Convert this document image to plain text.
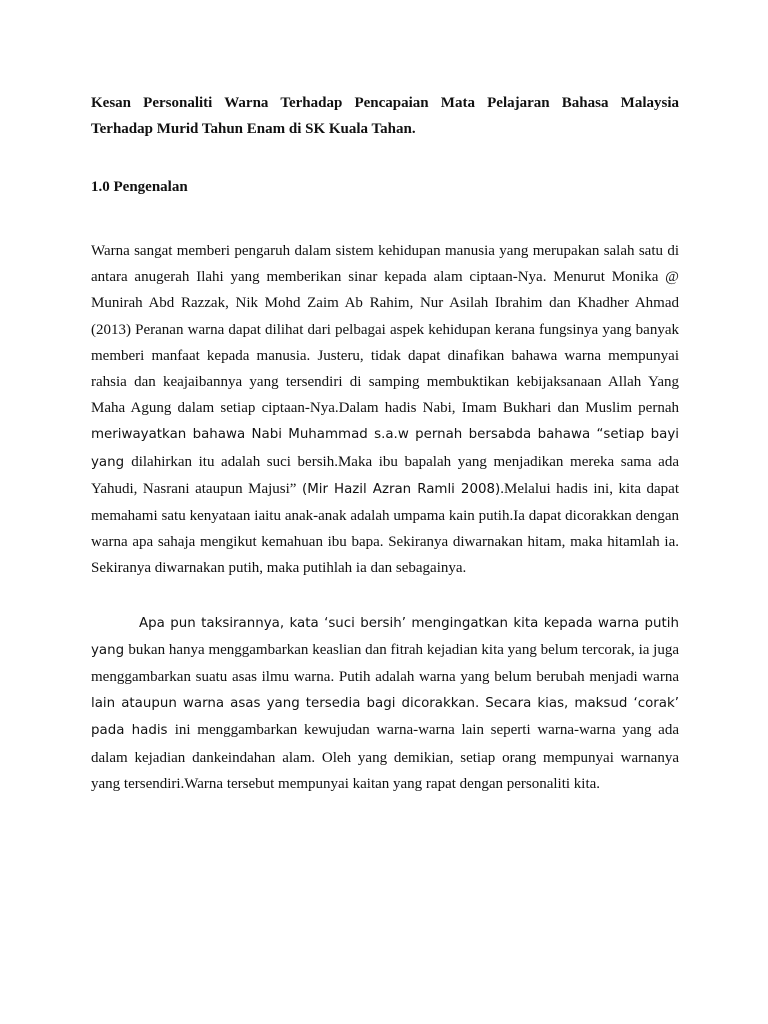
Kesan Personaliti Warna Terhadap Pencapaian Mata Pelajaran Bahasa Malaysia
Terhadap Murid Tahun Enam di SK Kuala Tahan.
1.0 Pengenalan

Warna sangat memberi pengaruh dalam sistem kehidupan manusia yang merupakan salah satu di antara anugerah Ilahi yang memberikan sinar kepada alam ciptaan-Nya. Menurut Monika @ Munirah Abd Razzak, Nik Mohd Zaim Ab Rahim, Nur Asilah Ibrahim dan Khadher Ahmad (2013) Peranan warna dapat dilihat dari pelbagai aspek kehidupan kerana fungsinya yang banyak memberi manfaat kepada manusia. Justeru, tidak dapat dinafikan bahawa warna mempunyai rahsia dan keajaibannya yang tersendiri di samping membuktikan kebijaksanaan Allah Yang Maha Agung dalam setiap ciptaan-Nya.Dalam hadis Nabi, Imam Bukhari dan Muslim pernah meriwayatkan bahawa Nabi Muhammad s.a.w pernah bersabda bahawa “setiap bayi yang dilahirkan itu adalah suci bersih.Maka ibu bapalah yang menjadikan mereka sama ada Yahudi, Nasrani ataupun Majusi” (Mir Hazil Azran Ramli 2008).Melalui hadis ini, kita dapat memahami satu kenyataan iaitu anak-anak adalah umpama kain putih.Ia dapat dicorakkan dengan warna apa sahaja mengikut kemahuan ibu bapa. Sekiranya diwarnakan hitam, maka hitamlah ia. Sekiranya diwarnakan putih, maka putihlah ia dan sebagainya.

Apa pun taksirannya, kata ‘suci bersih’ mengingatkan kita kepada warna putih yang bukan hanya menggambarkan keaslian dan fitrah kejadian kita yang belum tercorak, ia juga menggambarkan suatu asas ilmu warna. Putih adalah warna yang belum berubah menjadi warna lain ataupun warna asas yang tersedia bagi dicorakkan. Secara kias, maksud ‘corak’ pada hadis ini menggambarkan kewujudan warna-warna lain seperti warna-warna yang ada dalam kejadian dankeindahan alam. Oleh yang demikian, setiap orang mempunyai warnanya yang tersendiri.Warna tersebut mempunyai kaitan yang rapat dengan personaliti kita.
